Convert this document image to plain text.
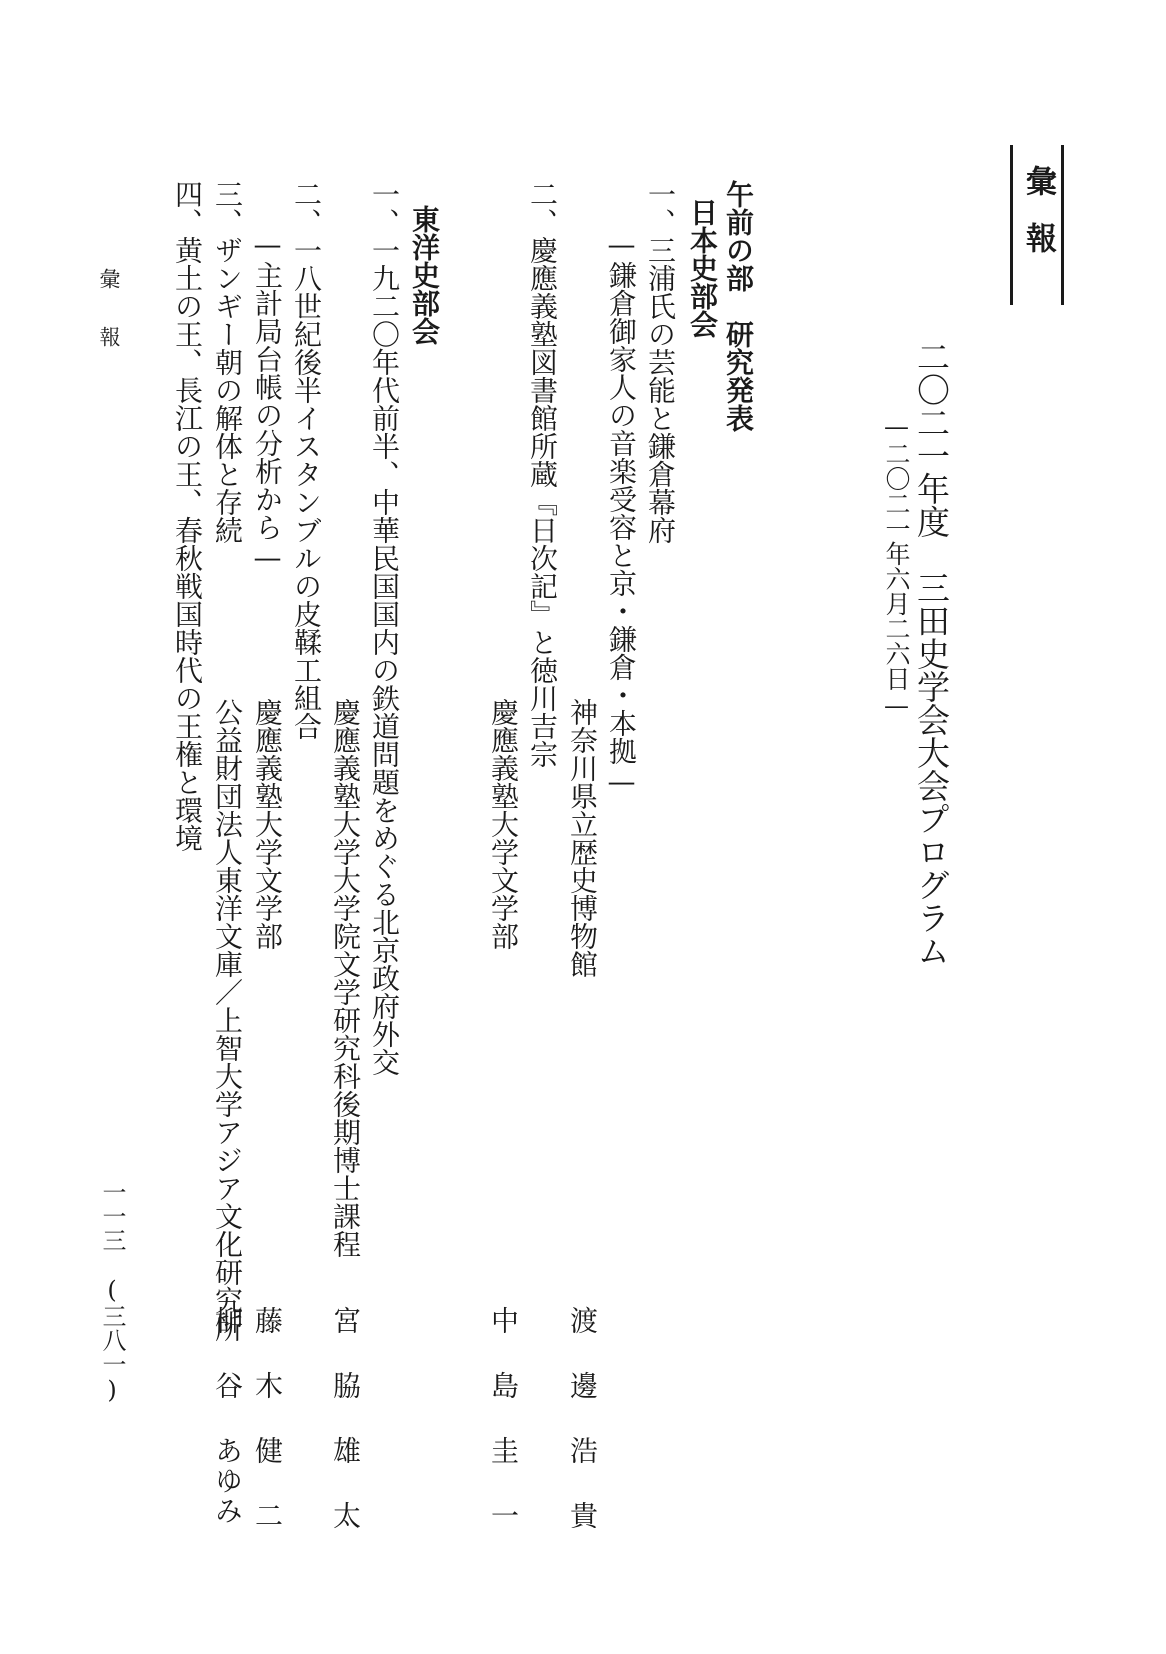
彙報
二〇二一年度　三田史学会大会プログラム
—二〇二一年六月二六日—
午前の部　研究発表
日本史部会
一、三浦氏の芸能と鎌倉幕府
—鎌倉御家人の音楽受容と京・鎌倉・本拠—
神奈川県立歴史博物館
渡 邊 浩 貴
二、慶應義塾図書館所蔵『日次記』と徳川吉宗
慶應義塾大学文学部
中 島 圭 一
東洋史部会
一、一九二〇年代前半、中華民国国内の鉄道問題をめぐる北京政府外交
慶應義塾大学大学院文学研究科後期博士課程
宮 脇 雄 太
二、一八世紀後半イスタンブルの皮鞣工組合
—主計局台帳の分析から—
慶應義塾大学文学部
藤 木 健 二
三、ザンギー朝の解体と存続
公益財団法人東洋文庫／上智大学アジア文化研究所
柳 谷 あゆみ
四、黄土の王、長江の王、春秋戦国時代の王権と環境
彙　報
一一三　(三八一)
